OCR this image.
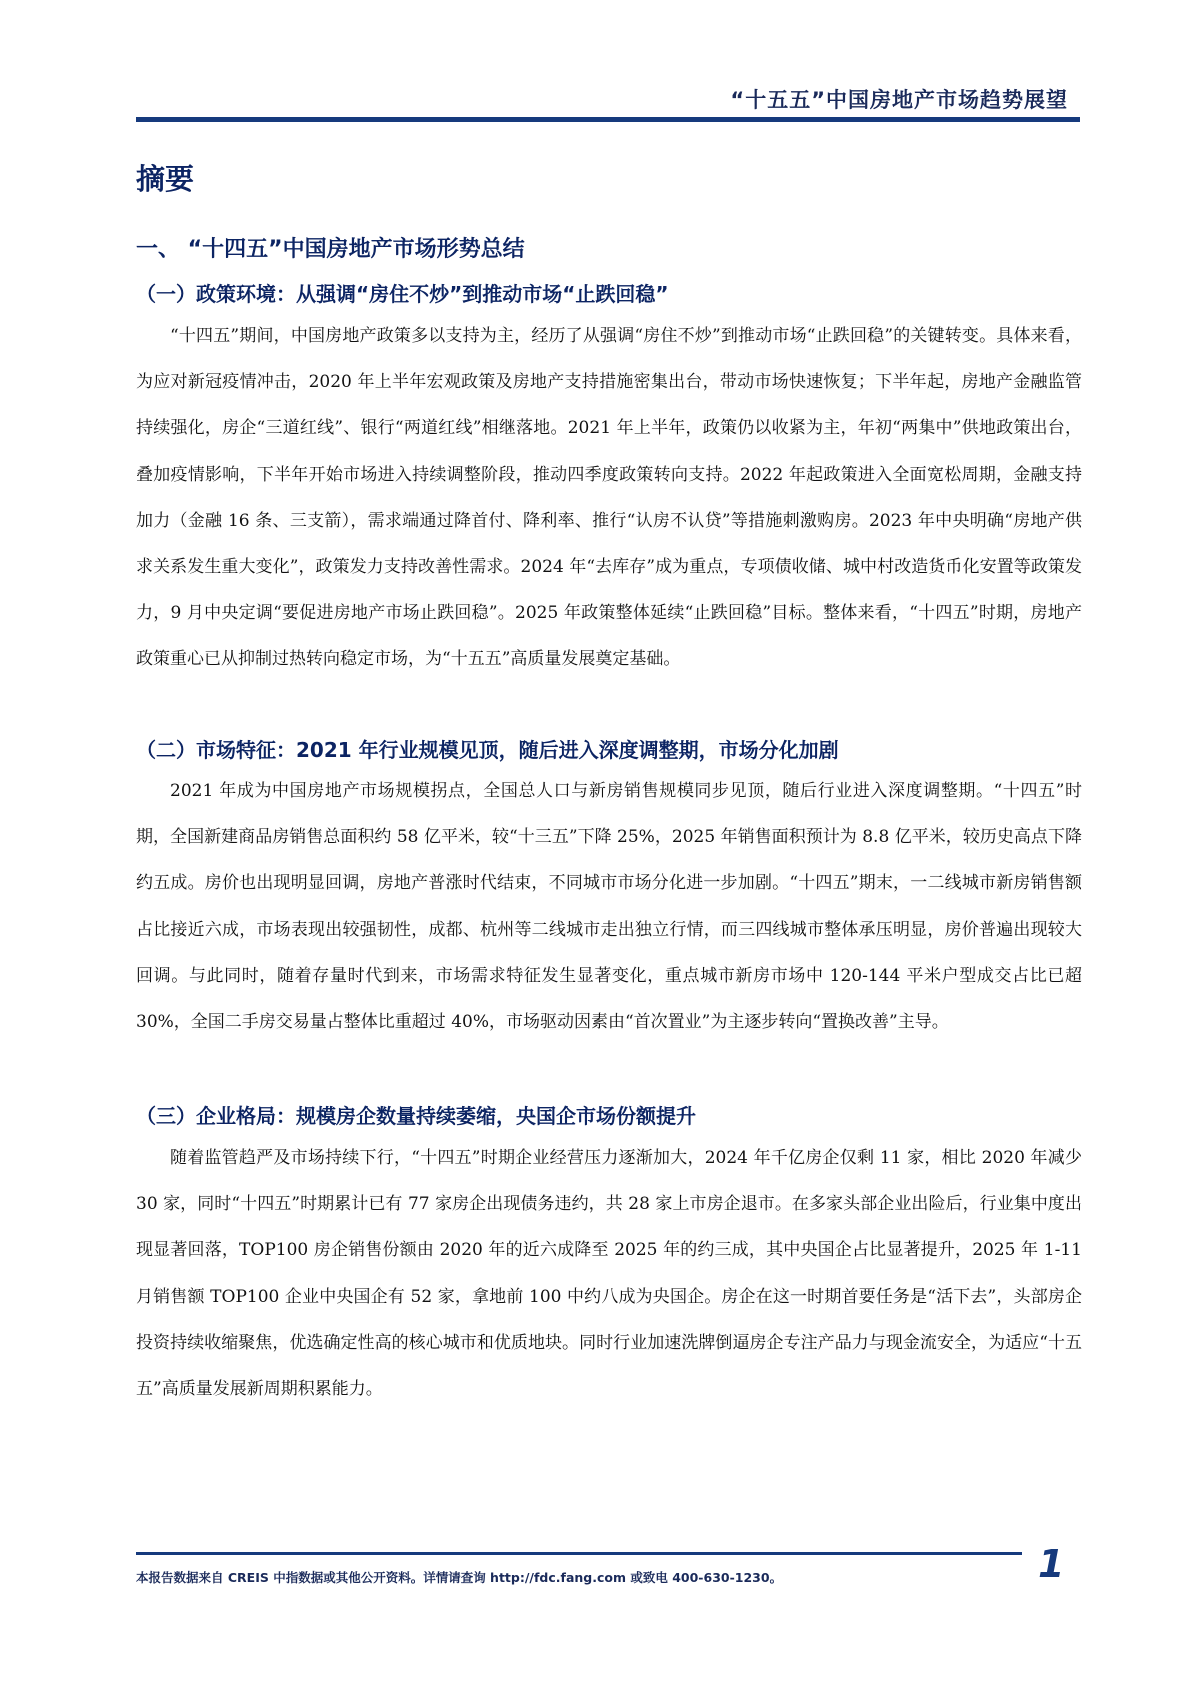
“十五五”中国房地产市场趋势展望
摘要
一、 “十四五”中国房地产市场形势总结
（一）政策环境：从强调“房住不炒”到推动市场“止跌回稳”

“十四五”期间，中国房地产政策多以支持为主，经历了从强调“房住不炒”到推动市场“止跌回稳”的关键转变。具体来看，为应对新冠疫情冲击，2020 年上半年宏观政策及房地产支持措施密集出台，带动市场快速恢复；下半年起，房地产金融监管持续强化，房企“三道红线”、银行“两道红线”相继落地。2021 年上半年，政策仍以收紧为主，年初“两集中”供地政策出台，叠加疫情影响，下半年开始市场进入持续调整阶段，推动四季度政策转向支持。2022 年起政策进入全面宽松周期，金融支持加力（金融 16 条、三支箭），需求端通过降首付、降利率、推行“认房不认贷”等措施刺激购房。2023 年中央明确“房地产供求关系发生重大变化”，政策发力支持改善性需求。2024 年“去库存”成为重点，专项债收储、城中村改造货币化安置等政策发力，9 月中央定调“要促进房地产市场止跌回稳”。2025 年政策整体延续“止跌回稳”目标。整体来看，“十四五”时期，房地产政策重心已从抑制过热转向稳定市场，为“十五五”高质量发展奠定基础。

（二）市场特征：2021 年行业规模见顶，随后进入深度调整期，市场分化加剧

2021 年成为中国房地产市场规模拐点，全国总人口与新房销售规模同步见顶，随后行业进入深度调整期。“十四五”时期，全国新建商品房销售总面积约 58 亿平米，较“十三五”下降 25%，2025 年销售面积预计为 8.8 亿平米，较历史高点下降约五成。房价也出现明显回调，房地产普涨时代结束，不同城市市场分化进一步加剧。“十四五”期末，一二线城市新房销售额占比接近六成，市场表现出较强韧性，成都、杭州等二线城市走出独立行情，而三四线城市整体承压明显，房价普遍出现较大回调。与此同时，随着存量时代到来，市场需求特征发生显著变化，重点城市新房市场中 120-144 平米户型成交占比已超 30%，全国二手房交易量占整体比重超过 40%，市场驱动因素由“首次置业”为主逐步转向“置换改善”主导。

（三）企业格局：规模房企数量持续萎缩，央国企市场份额提升

随着监管趋严及市场持续下行，“十四五”时期企业经营压力逐渐加大，2024 年千亿房企仅剩 11 家，相比 2020 年减少 30 家，同时“十四五”时期累计已有 77 家房企出现债务违约，共 28 家上市房企退市。在多家头部企业出险后，行业集中度出现显著回落，TOP100 房企销售份额由 2020 年的近六成降至 2025 年的约三成，其中央国企占比显著提升，2025 年 1-11 月销售额 TOP100 企业中央国企有 52 家，拿地前 100 中约八成为央国企。房企在这一时期首要任务是“活下去”，头部房企投资持续收缩聚焦，优选确定性高的核心城市和优质地块。同时行业加速洗牌倒逼房企专注产品力与现金流安全，为适应“十五五”高质量发展新周期积累能力。

本报告数据来自 CREIS 中指数据或其他公开资料。详情请查询 http://fdc.fang.com 或致电 400-630-1230。	1
